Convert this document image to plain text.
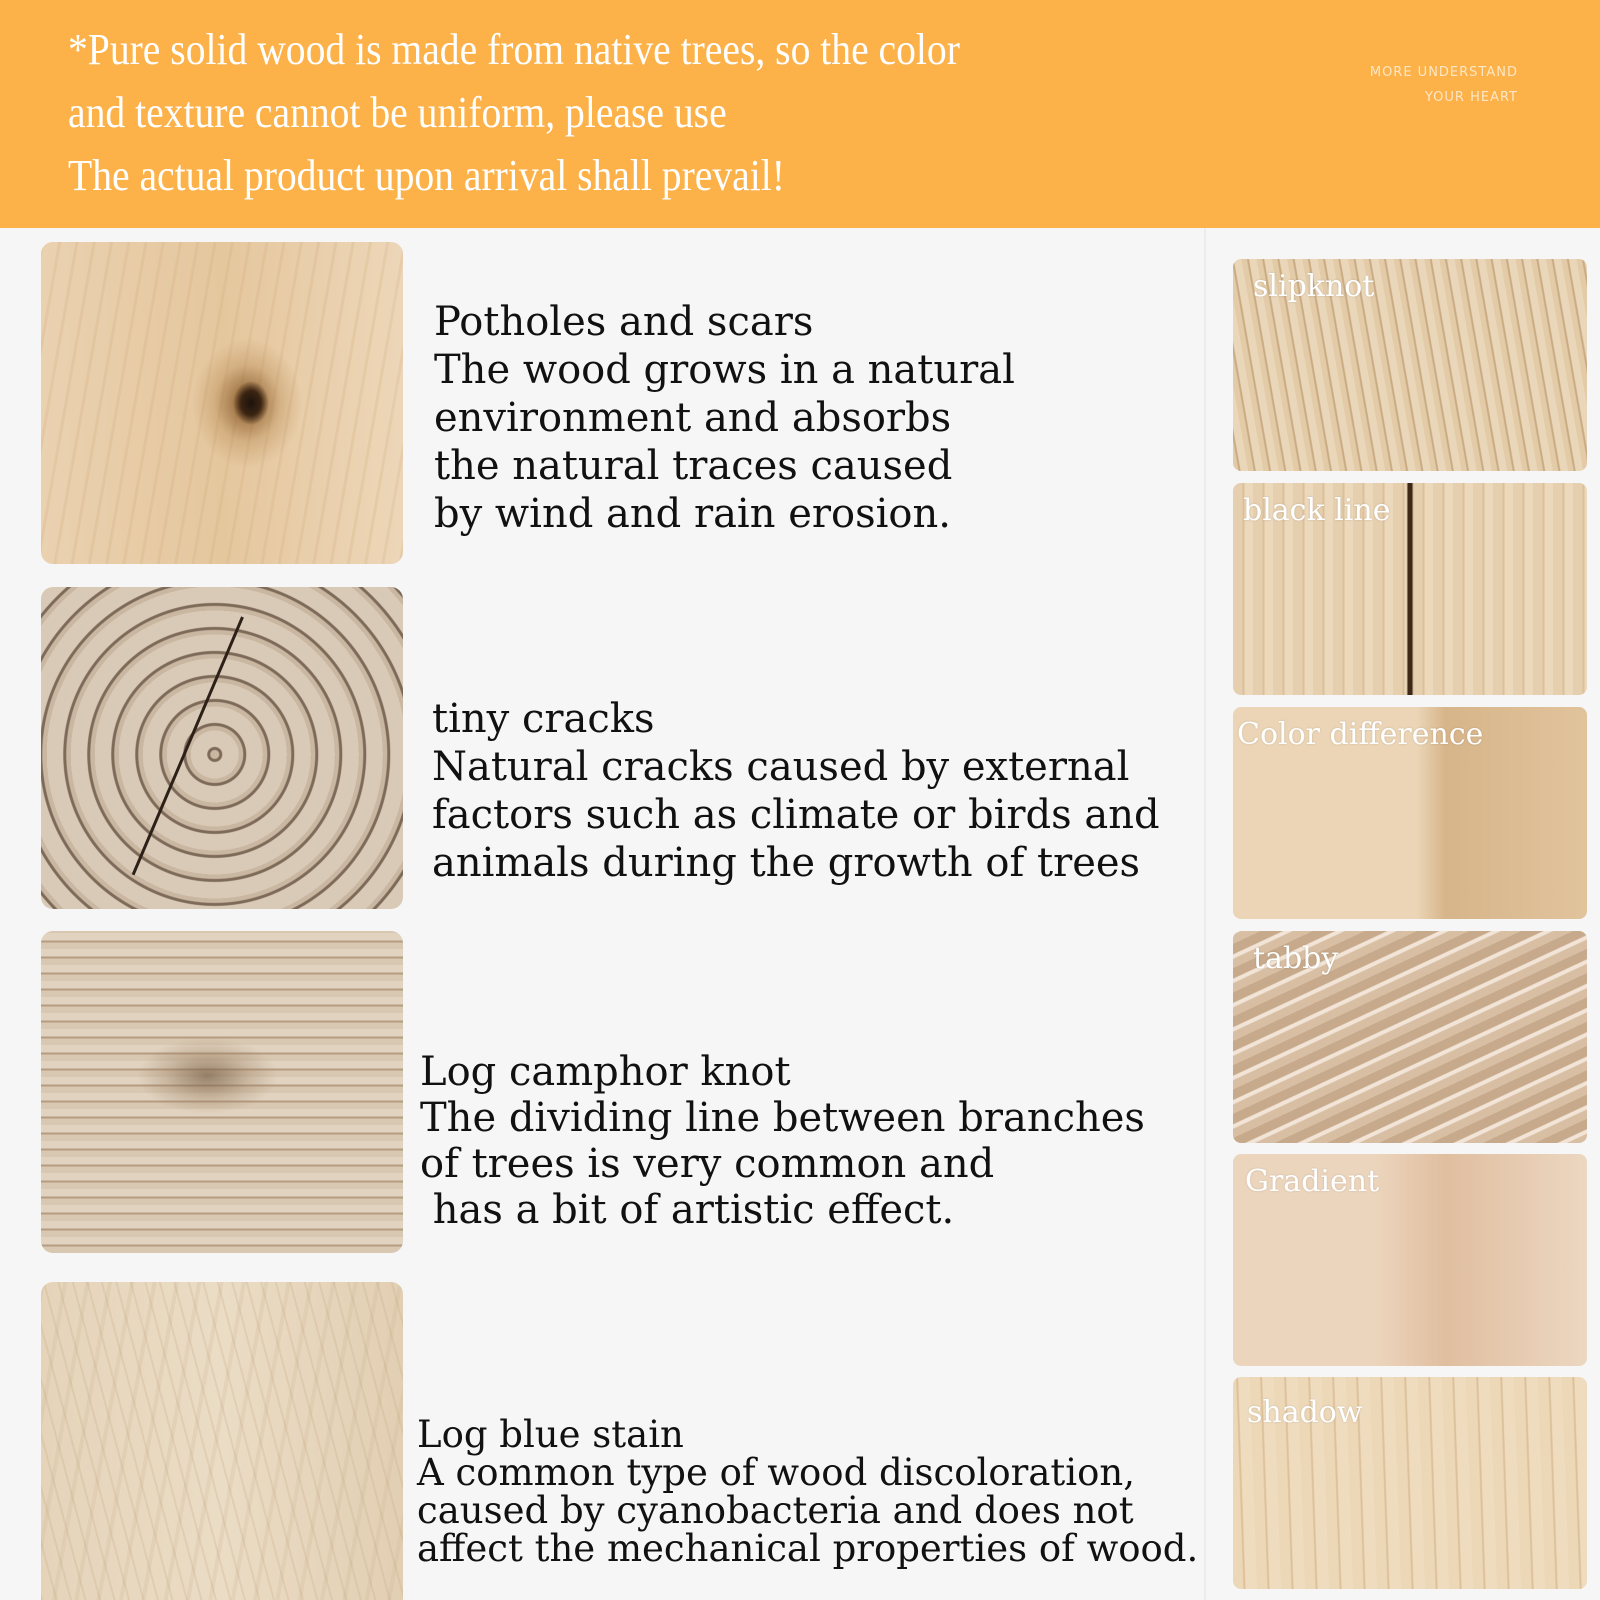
*Pure solid wood is made from native trees, so the color
and texture cannot be uniform, please use
The actual product upon arrival shall prevail!
MORE UNDERSTAND
YOUR HEART
Potholes and scars
The wood grows in a natural
environment and absorbs
the natural traces caused
by wind and rain erosion.
tiny cracks
Natural cracks caused by external
factors such as climate or birds and
animals during the growth of trees
Log camphor knot
The dividing line between branches
of trees is very common and
has a bit of artistic effect.
Log blue stain
A common type of wood discoloration,
caused by cyanobacteria and does not
affect the mechanical properties of wood.
slipknot
black line
Color difference
tabby
Gradient
shadow
